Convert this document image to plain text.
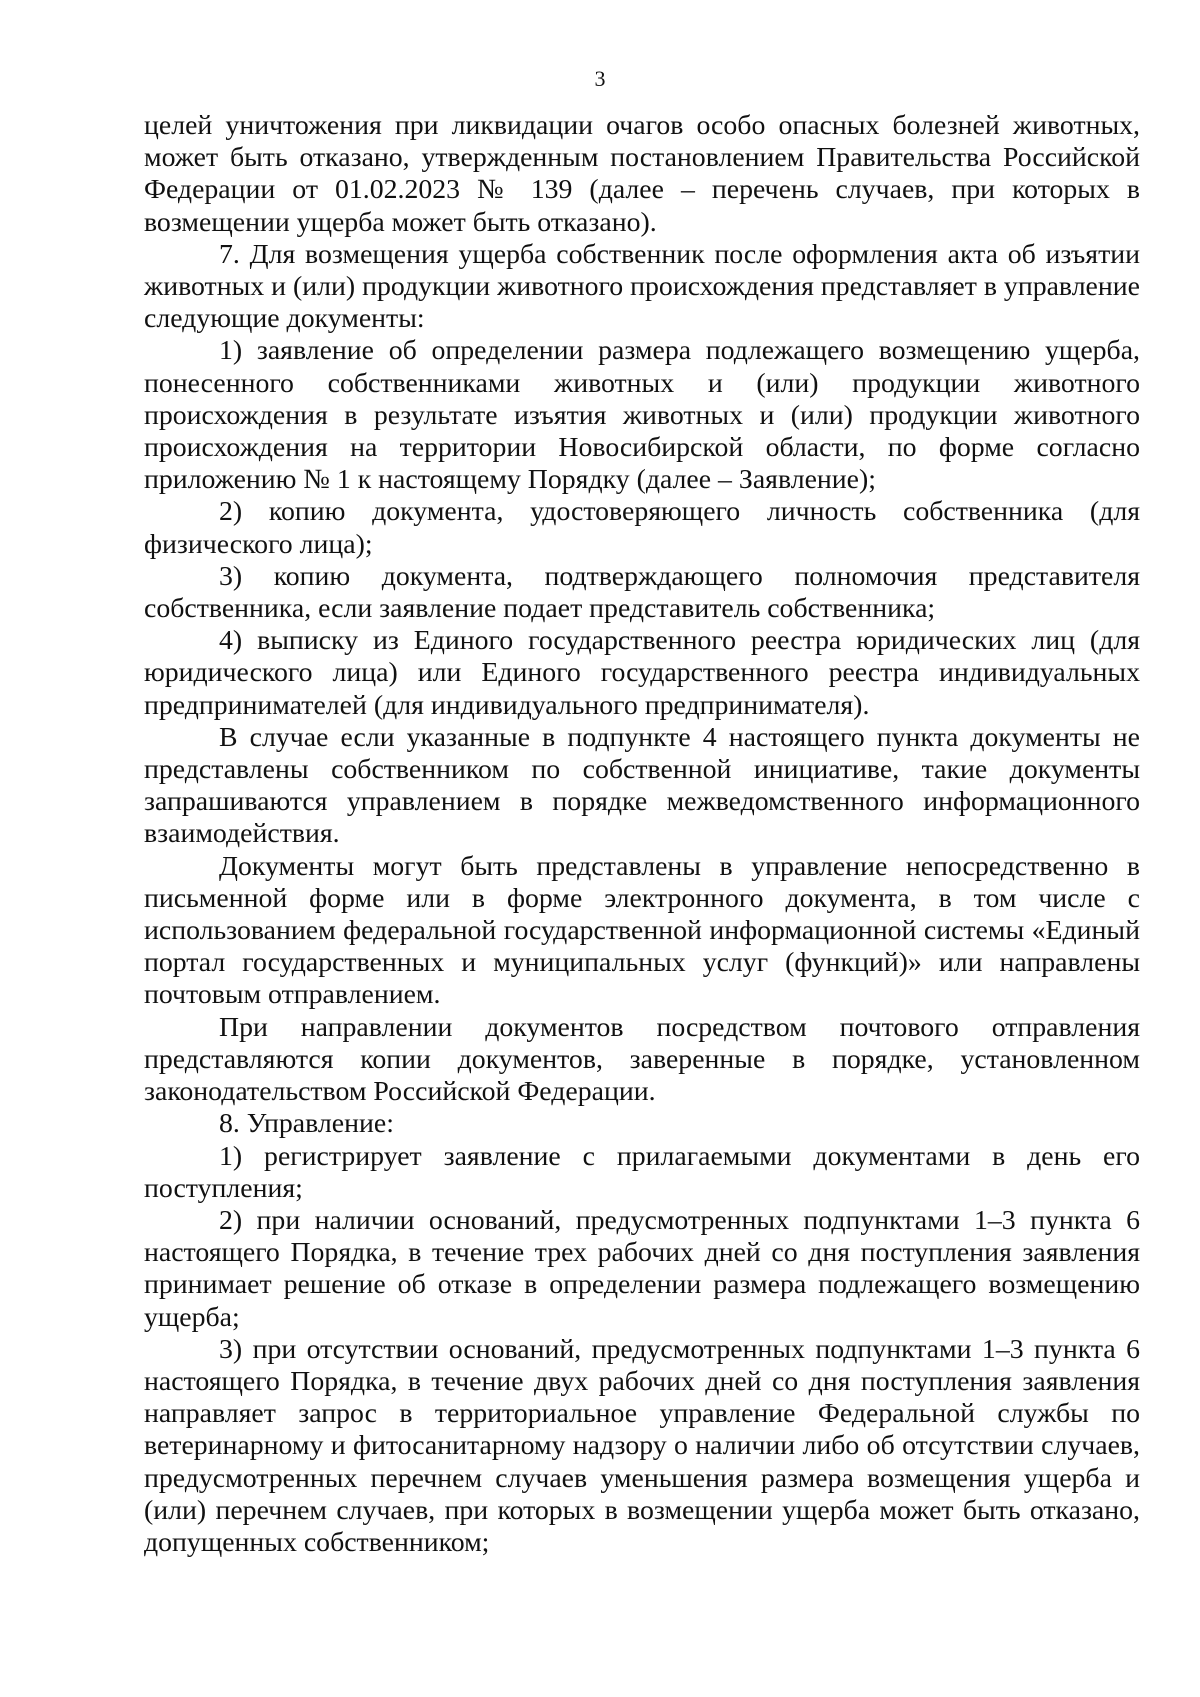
3

целей уничтожения при ликвидации очагов особо опасных болезней животных, может быть отказано, утвержденным постановлением Правительства Российской Федерации от 01.02.2023 № 139 (далее – перечень случаев, при которых в возмещении ущерба может быть отказано).

7. Для возмещения ущерба собственник после оформления акта об изъятии животных и (или) продукции животного происхождения представляет в управление следующие документы:

1) заявление об определении размера подлежащего возмещению ущерба, понесенного собственниками животных и (или) продукции животного происхождения в результате изъятия животных и (или) продукции животного происхождения на территории Новосибирской области, по форме согласно приложению № 1 к настоящему Порядку (далее – Заявление);

2) копию документа, удостоверяющего личность собственника (для физического лица);

3) копию документа, подтверждающего полномочия представителя собственника, если заявление подает представитель собственника;

4) выписку из Единого государственного реестра юридических лиц (для юридического лица) или Единого государственного реестра индивидуальных предпринимателей (для индивидуального предпринимателя).

В случае если указанные в подпункте 4 настоящего пункта документы не представлены собственником по собственной инициативе, такие документы запрашиваются управлением в порядке межведомственного информационного взаимодействия.

Документы могут быть представлены в управление непосредственно в письменной форме или в форме электронного документа, в том числе с использованием федеральной государственной информационной системы «Единый портал государственных и муниципальных услуг (функций)» или направлены почтовым отправлением.

При направлении документов посредством почтового отправления представляются копии документов, заверенные в порядке, установленном законодательством Российской Федерации.

8. Управление:

1) регистрирует заявление с прилагаемыми документами в день его поступления;

2) при наличии оснований, предусмотренных подпунктами 1–3 пункта 6 настоящего Порядка, в течение трех рабочих дней со дня поступления заявления принимает решение об отказе в определении размера подлежащего возмещению ущерба;

3) при отсутствии оснований, предусмотренных подпунктами 1–3 пункта 6 настоящего Порядка, в течение двух рабочих дней со дня поступления заявления направляет запрос в территориальное управление Федеральной службы по ветеринарному и фитосанитарному надзору о наличии либо об отсутствии случаев, предусмотренных перечнем случаев уменьшения размера возмещения ущерба и (или) перечнем случаев, при которых в возмещении ущерба может быть отказано, допущенных собственником;
